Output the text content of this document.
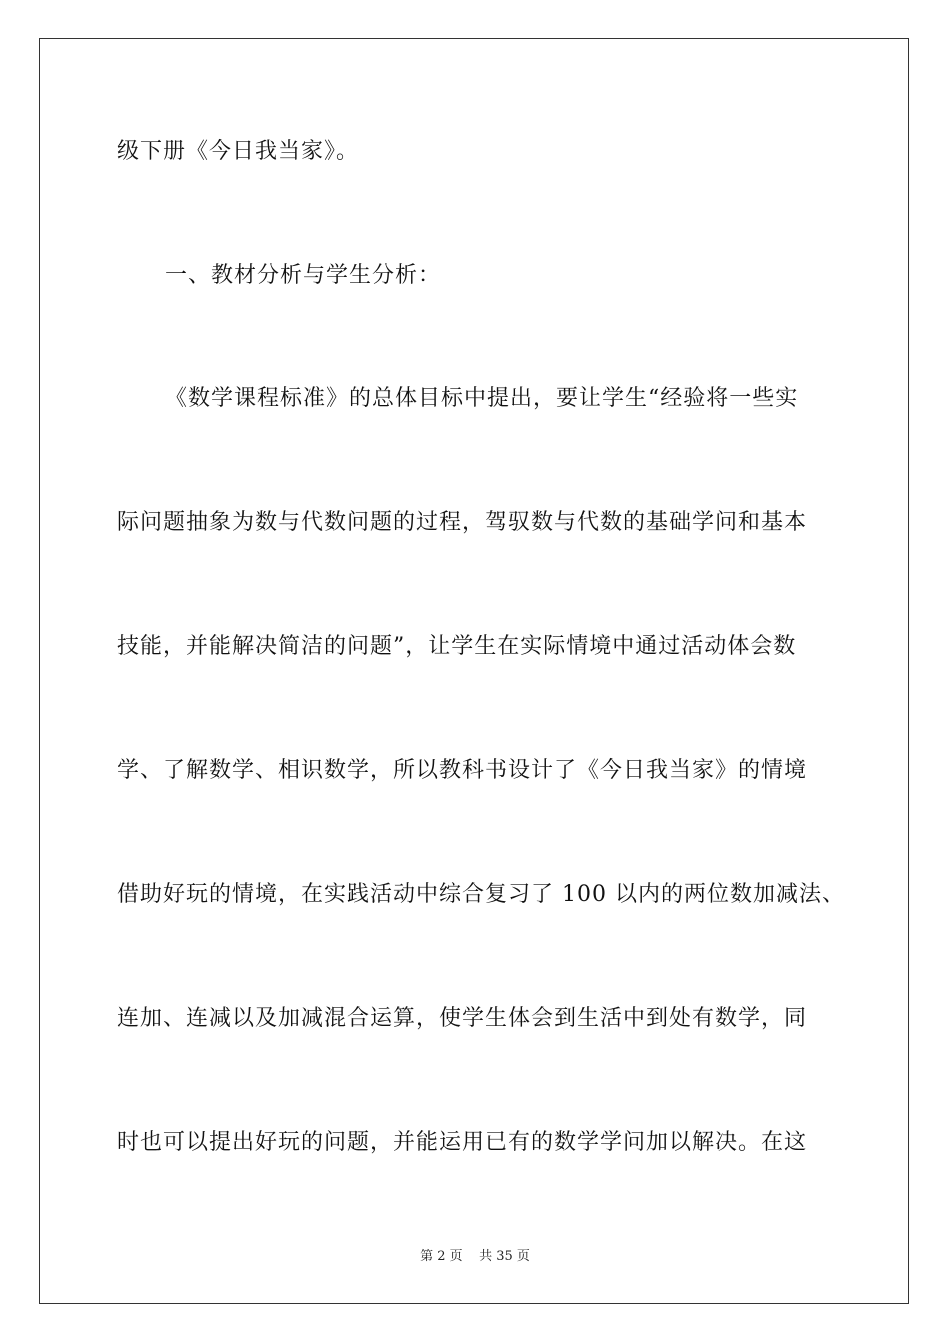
级下册《今日我当家》。
一、教材分析与学生分析：
《数学课程标准》的总体目标中提出，要让学生“经验将一些实
际问题抽象为数与代数问题的过程，驾驭数与代数的基础学问和基本
技能，并能解决简洁的问题”，让学生在实际情境中通过活动体会数
学、了解数学、相识数学，所以教科书设计了《今日我当家》的情境
借助好玩的情境，在实践活动中综合复习了 100 以内的两位数加减法、
连加、连减以及加减混合运算，使学生体会到生活中到处有数学，同
时也可以提出好玩的问题，并能运用已有的数学学问加以解决。在这
第 2 页    共 35 页
